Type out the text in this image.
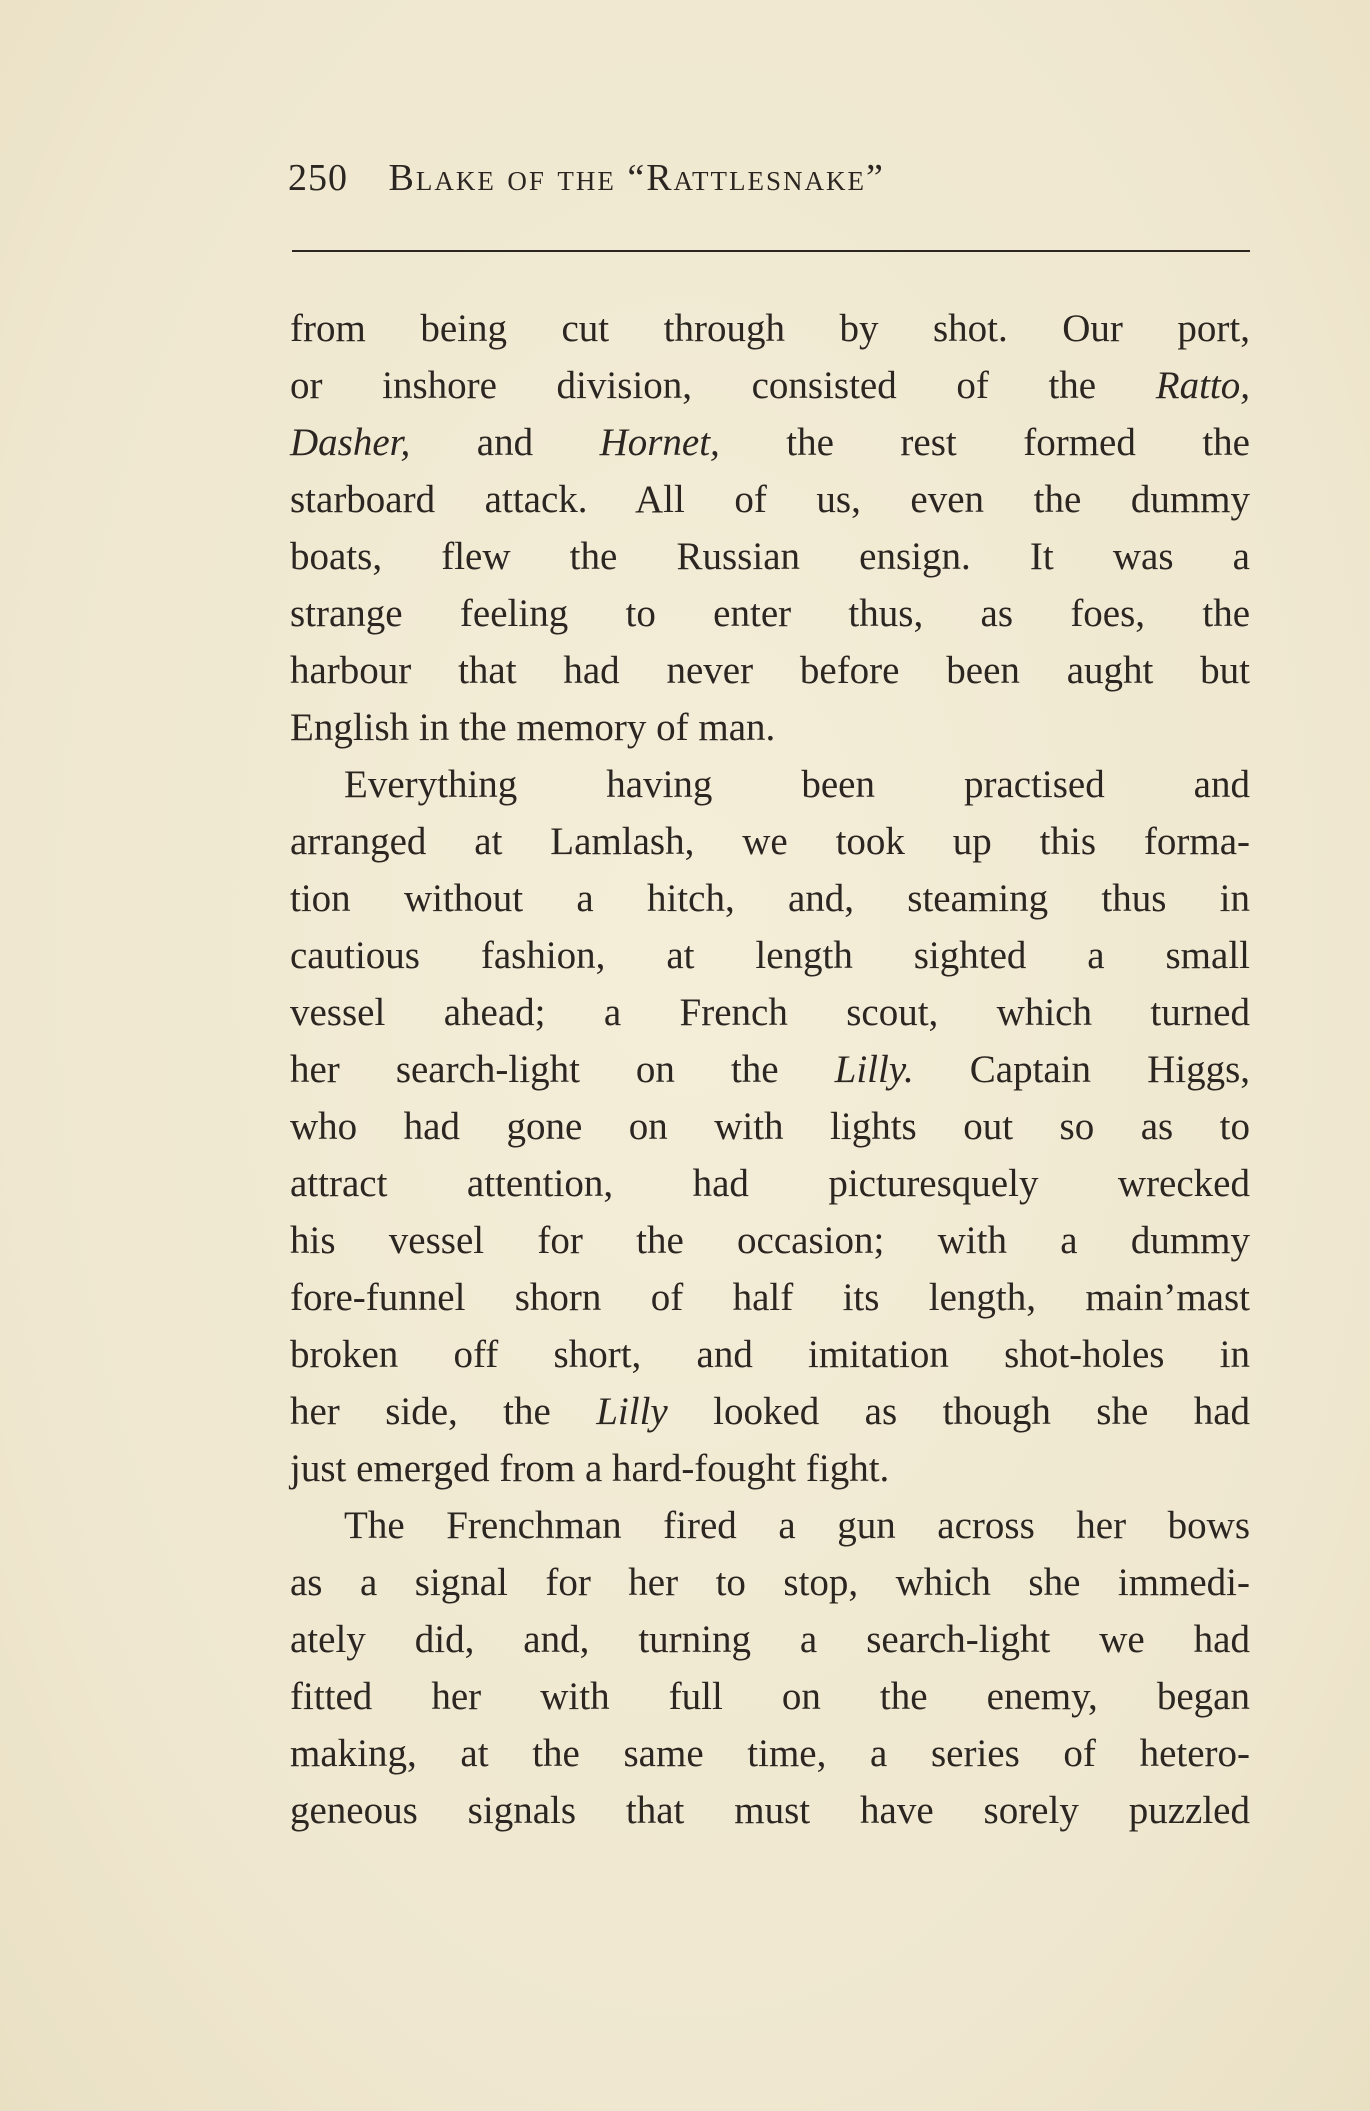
250 Blake of the “Rattlesnake”
from being cut through by shot. Our port,
or inshore division, consisted of the Ratto,
Dasher, and Hornet, the rest formed the
starboard attack. All of us, even the dummy
boats, flew the Russian ensign. It was a
strange feeling to enter thus, as foes, the
harbour that had never before been aught but
English in the memory of man.
Everything having been practised and
arranged at Lamlash, we took up this forma-
tion without a hitch, and, steaming thus in
cautious fashion, at length sighted a small
vessel ahead; a French scout, which turned
her search-light on the Lilly. Captain Higgs,
who had gone on with lights out so as to
attract attention, had picturesquely wrecked
his vessel for the occasion; with a dummy
fore-funnel shorn of half its length, main’mast
broken off short, and imitation shot-holes in
her side, the Lilly looked as though she had
just emerged from a hard-fought fight.
The Frenchman fired a gun across her bows
as a signal for her to stop, which she immedi-
ately did, and, turning a search-light we had
fitted her with full on the enemy, began
making, at the same time, a series of hetero-
geneous signals that must have sorely puzzled
